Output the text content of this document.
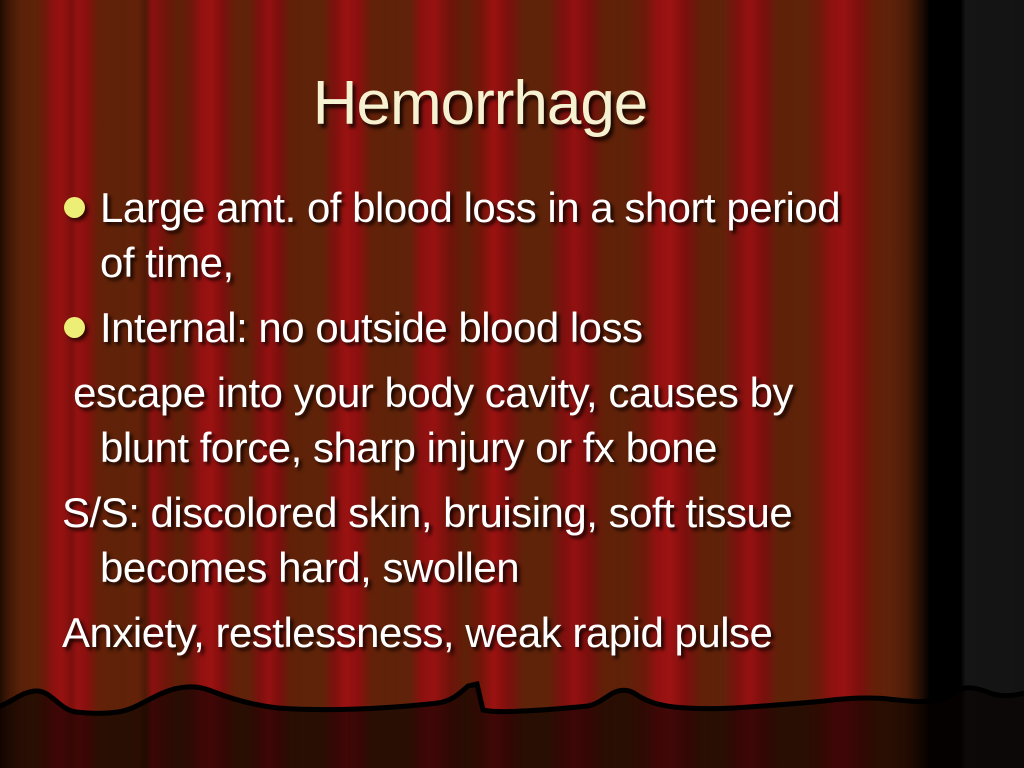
Hemorrhage
Large amt. of blood loss in a short period
of time,
Internal: no outside blood loss
escape into your body cavity, causes by
blunt force, sharp injury or fx bone
S/S: discolored skin, bruising, soft tissue
becomes hard, swollen
Anxiety, restlessness, weak rapid pulse
